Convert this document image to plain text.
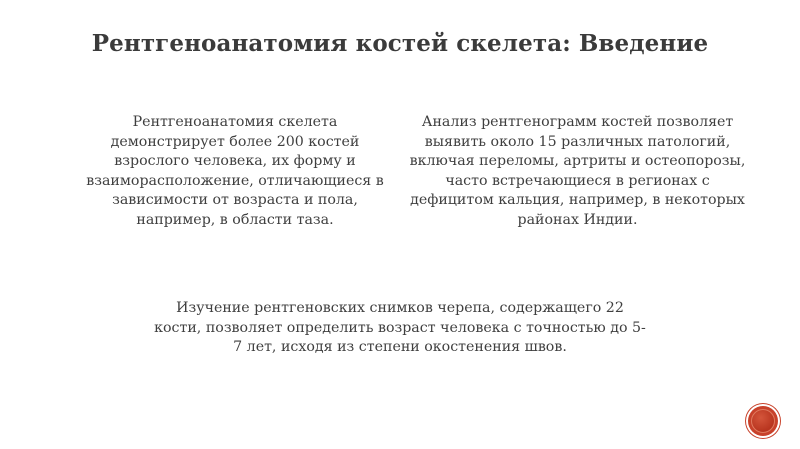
Рентгеноанатомия костей скелета: Введение
Рентгеноанатомия скелета
демонстрирует более 200 костей
взрослого человека, их форму и
взаиморасположение, отличающиеся в
зависимости от возраста и пола,
например, в области таза.
Анализ рентгенограмм костей позволяет
выявить около 15 различных патологий,
включая переломы, артриты и остеопорозы,
часто встречающиеся в регионах с
дефицитом кальция, например, в некоторых
районах Индии.
Изучение рентгеновских снимков черепа, содержащего 22
кости, позволяет определить возраст человека с точностью до 5-
7 лет, исходя из степени окостенения швов.
